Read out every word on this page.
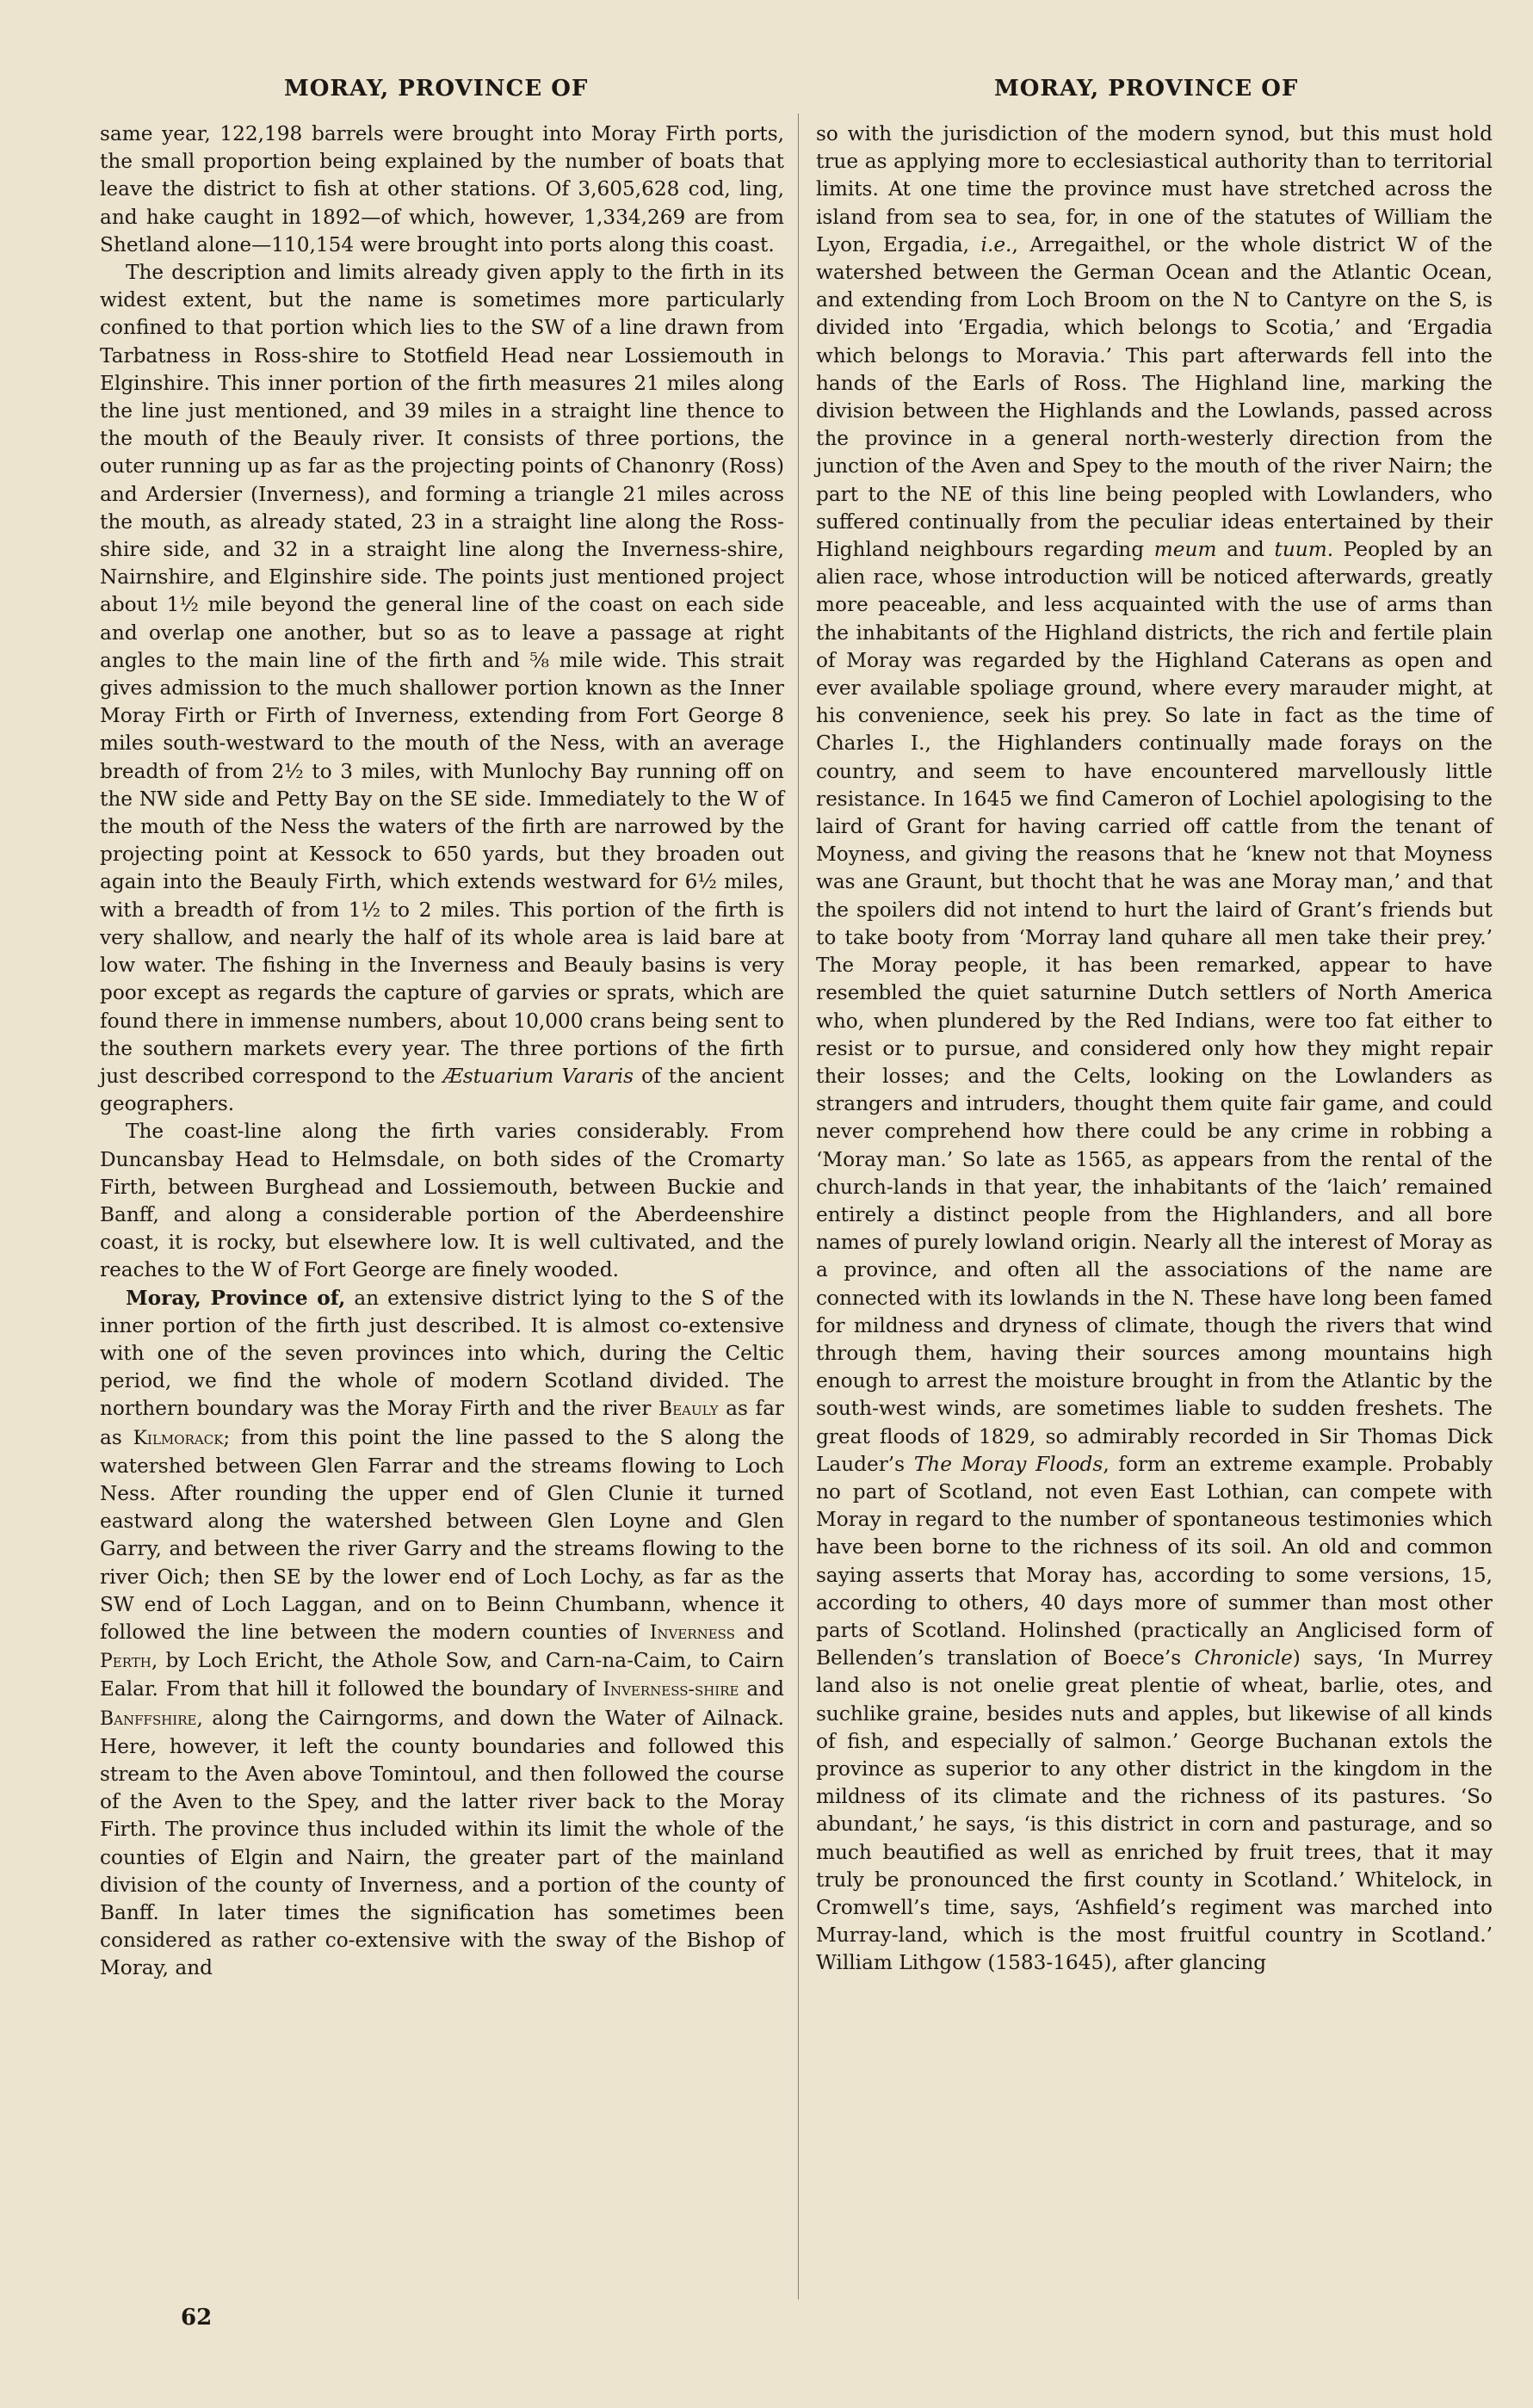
MORAY, PROVINCE OF	MORAY, PROVINCE OF

same year, 122,198 barrels were brought into Moray Firth ports, the small proportion being explained by the number of boats that leave the district to fish at other stations. Of 3,605,628 cod, ling, and hake caught in 1892—of which, however, 1,334,269 are from Shetland alone—110,154 were brought into ports along this coast.

The description and limits already given apply to the firth in its widest extent, but the name is sometimes more particularly confined to that portion which lies to the SW of a line drawn from Tarbatness in Ross-shire to Stotfield Head near Lossiemouth in Elginshire. This inner portion of the firth measures 21 miles along the line just mentioned, and 39 miles in a straight line thence to the mouth of the Beauly river. It consists of three portions, the outer running up as far as the projecting points of Chanonry (Ross) and Ardersier (Inverness), and forming a triangle 21 miles across the mouth, as already stated, 23 in a straight line along the Ross-shire side, and 32 in a straight line along the Inverness-shire, Nairnshire, and Elginshire side. The points just mentioned project about 1½ mile beyond the general line of the coast on each side and overlap one another, but so as to leave a passage at right angles to the main line of the firth and ⅝ mile wide. This strait gives admission to the much shallower portion known as the Inner Moray Firth or Firth of Inverness, extending from Fort George 8 miles south-westward to the mouth of the Ness, with an average breadth of from 2½ to 3 miles, with Munlochy Bay running off on the NW side and Petty Bay on the SE side. Immediately to the W of the mouth of the Ness the waters of the firth are narrowed by the projecting point at Kessock to 650 yards, but they broaden out again into the Beauly Firth, which extends westward for 6½ miles, with a breadth of from 1½ to 2 miles. This portion of the firth is very shallow, and nearly the half of its whole area is laid bare at low water. The fishing in the Inverness and Beauly basins is very poor except as regards the capture of garvies or sprats, which are found there in immense numbers, about 10,000 crans being sent to the southern markets every year. The three portions of the firth just described correspond to the Æstuarium Vararis of the ancient geographers.

The coast-line along the firth varies considerably. From Duncansbay Head to Helmsdale, on both sides of the Cromarty Firth, between Burghead and Lossiemouth, between Buckie and Banff, and along a considerable portion of the Aberdeenshire coast, it is rocky, but elsewhere low. It is well cultivated, and the reaches to the W of Fort George are finely wooded.

Moray, Province of, an extensive district lying to the S of the inner portion of the firth just described. It is almost co-extensive with one of the seven provinces into which, during the Celtic period, we find the whole of modern Scotland divided. The northern boundary was the Moray Firth and the river Beauly as far as Kilmorack; from this point the line passed to the S along the watershed between Glen Farrar and the streams flowing to Loch Ness. After rounding the upper end of Glen Clunie it turned eastward along the watershed between Glen Loyne and Glen Garry, and between the river Garry and the streams flowing to the river Oich; then SE by the lower end of Loch Lochy, as far as the SW end of Loch Laggan, and on to Beinn Chumbann, whence it followed the line between the modern counties of Inverness and Perth, by Loch Ericht, the Athole Sow, and Carn-na-Caim, to Cairn Ealar. From that hill it followed the boundary of Inverness-shire and Banffshire, along the Cairngorms, and down the Water of Ailnack. Here, however, it left the county boundaries and followed this stream to the Aven above Tomintoul, and then followed the course of the Aven to the Spey, and the latter river back to the Moray Firth. The province thus included within its limit the whole of the counties of Elgin and Nairn, the greater part of the mainland division of the county of Inverness, and a portion of the county of Banff. In later times the signification has sometimes been considered as rather co-extensive with the sway of the Bishop of Moray, and

so with the jurisdiction of the modern synod, but this must hold true as applying more to ecclesiastical authority than to territorial limits. At one time the province must have stretched across the island from sea to sea, for, in one of the statutes of William the Lyon, Ergadia, i.e., Arregaithel, or the whole district W of the watershed between the German Ocean and the Atlantic Ocean, and extending from Loch Broom on the N to Cantyre on the S, is divided into ‘Ergadia, which belongs to Scotia,’ and ‘Ergadia which belongs to Moravia.’ This part afterwards fell into the hands of the Earls of Ross. The Highland line, marking the division between the Highlands and the Lowlands, passed across the province in a general north-westerly direction from the junction of the Aven and Spey to the mouth of the river Nairn; the part to the NE of this line being peopled with Lowlanders, who suffered continually from the peculiar ideas entertained by their Highland neighbours regarding meum and tuum. Peopled by an alien race, whose introduction will be noticed afterwards, greatly more peaceable, and less acquainted with the use of arms than the inhabitants of the Highland districts, the rich and fertile plain of Moray was regarded by the Highland Caterans as open and ever available spoliage ground, where every marauder might, at his convenience, seek his prey. So late in fact as the time of Charles I., the Highlanders continually made forays on the country, and seem to have encountered marvellously little resistance. In 1645 we find Cameron of Lochiel apologising to the laird of Grant for having carried off cattle from the tenant of Moyness, and giving the reasons that he ‘knew not that Moyness was ane Graunt, but thocht that he was ane Moray man,’ and that the spoilers did not intend to hurt the laird of Grant’s friends but to take booty from ‘Morray land quhare all men take their prey.’ The Moray people, it has been remarked, appear to have resembled the quiet saturnine Dutch settlers of North America who, when plundered by the Red Indians, were too fat either to resist or to pursue, and considered only how they might repair their losses; and the Celts, looking on the Lowlanders as strangers and intruders, thought them quite fair game, and could never comprehend how there could be any crime in robbing a ‘Moray man.’ So late as 1565, as appears from the rental of the church-lands in that year, the inhabitants of the ‘laich’ remained entirely a distinct people from the Highlanders, and all bore names of purely lowland origin. Nearly all the interest of Moray as a province, and often all the associations of the name are connected with its lowlands in the N. These have long been famed for mildness and dryness of climate, though the rivers that wind through them, having their sources among mountains high enough to arrest the moisture brought in from the Atlantic by the south-west winds, are sometimes liable to sudden freshets. The great floods of 1829, so admirably recorded in Sir Thomas Dick Lauder’s The Moray Floods, form an extreme example. Probably no part of Scotland, not even East Lothian, can compete with Moray in regard to the number of spontaneous testimonies which have been borne to the richness of its soil. An old and common saying asserts that Moray has, according to some versions, 15, according to others, 40 days more of summer than most other parts of Scotland. Holinshed (practically an Anglicised form of Bellenden’s translation of Boece’s Chronicle) says, ‘In Murrey land also is not onelie great plentie of wheat, barlie, otes, and suchlike graine, besides nuts and apples, but likewise of all kinds of fish, and especially of salmon.’ George Buchanan extols the province as superior to any other district in the kingdom in the mildness of its climate and the richness of its pastures. ‘So abundant,’ he says, ‘is this district in corn and pasturage, and so much beautified as well as enriched by fruit trees, that it may truly be pronounced the first county in Scotland.’ Whitelock, in Cromwell’s time, says, ‘Ashfield’s regiment was marched into Murray-land, which is the most fruitful country in Scotland.’ William Lithgow (1583-1645), after glancing

62
